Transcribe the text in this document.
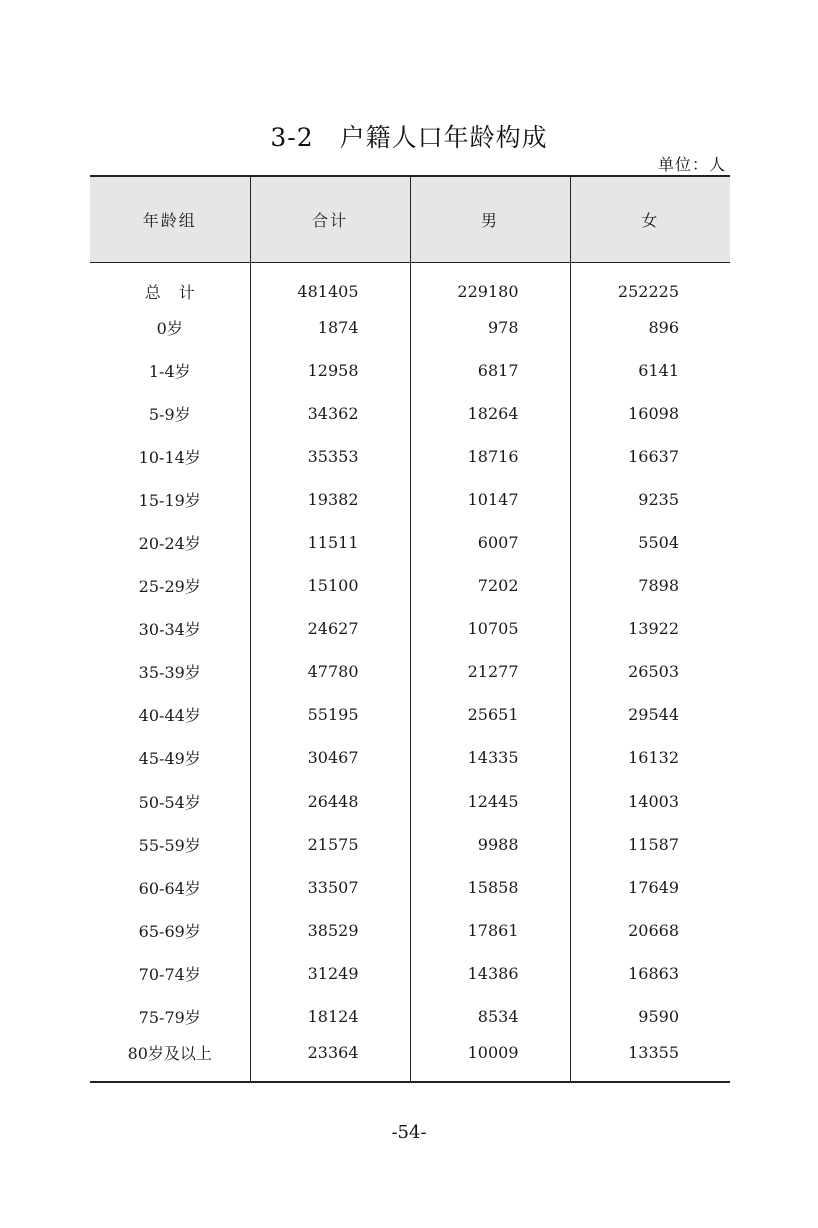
3-2 户籍人口年龄构成
单位：人
年龄组	合计	男	女
总计	481405	229180	252225
0岁	1874	978	896
1-4岁	12958	6817	6141
5-9岁	34362	18264	16098
10-14岁	35353	18716	16637
15-19岁	19382	10147	9235
20-24岁	11511	6007	5504
25-29岁	15100	7202	7898
30-34岁	24627	10705	13922
35-39岁	47780	21277	26503
40-44岁	55195	25651	29544
45-49岁	30467	14335	16132
50-54岁	26448	12445	14003
55-59岁	21575	9988	11587
60-64岁	33507	15858	17649
65-69岁	38529	17861	20668
70-74岁	31249	14386	16863
75-79岁	18124	8534	9590
80岁及以上	23364	10009	13355
-54-
